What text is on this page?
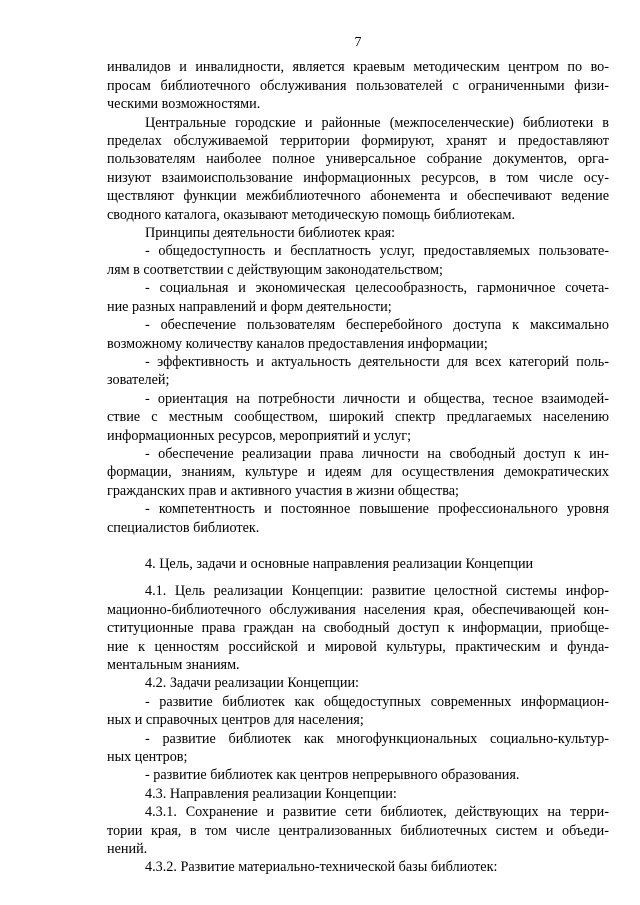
7
инвалидов и инвалидности, является краевым методическим центром по во-
просам библиотечного обслуживания пользователей с ограниченными физи-
ческими возможностями.
Центральные городские и районные (межпоселенческие) библиотеки в
пределах обслуживаемой территории формируют, хранят и предоставляют
пользователям наиболее полное универсальное собрание документов, орга-
низуют взаимоиспользование информационных ресурсов, в том числе осу-
ществляют функции межбиблиотечного абонемента и обеспечивают ведение
сводного каталога, оказывают методическую помощь библиотекам.
Принципы деятельности библиотек края:
- общедоступность и бесплатность услуг, предоставляемых пользовате-
лям в соответствии с действующим законодательством;
- социальная и экономическая целесообразность, гармоничное сочета-
ние разных направлений и форм деятельности;
- обеспечение пользователям бесперебойного доступа к максимально
возможному количеству каналов предоставления информации;
- эффективность и актуальность деятельности для всех категорий поль-
зователей;
- ориентация на потребности личности и общества, тесное взаимодей-
ствие с местным сообществом, широкий спектр предлагаемых населению
информационных ресурсов, мероприятий и услуг;
- обеспечение реализации права личности на свободный доступ к ин-
формации, знаниям, культуре и идеям для осуществления демократических
гражданских прав и активного участия в жизни общества;
- компетентность и постоянное повышение профессионального уровня
специалистов библиотек.
4. Цель, задачи и основные направления реализации Концепции
4.1. Цель реализации Концепции: развитие целостной системы инфор-
мационно-библиотечного обслуживания населения края, обеспечивающей кон-
ституционные права граждан на свободный доступ к информации, приобще-
ние к ценностям российской и мировой культуры, практическим и фунда-
ментальным знаниям.
4.2. Задачи реализации Концепции:
- развитие библиотек как общедоступных современных информацион-
ных и справочных центров для населения;
- развитие библиотек как многофункциональных социально-культур-
ных центров;
- развитие библиотек как центров непрерывного образования.
4.3. Направления реализации Концепции:
4.3.1. Сохранение и развитие сети библиотек, действующих на терри-
тории края, в том числе централизованных библиотечных систем и объеди-
нений.
4.3.2. Развитие материально-технической базы библиотек:
